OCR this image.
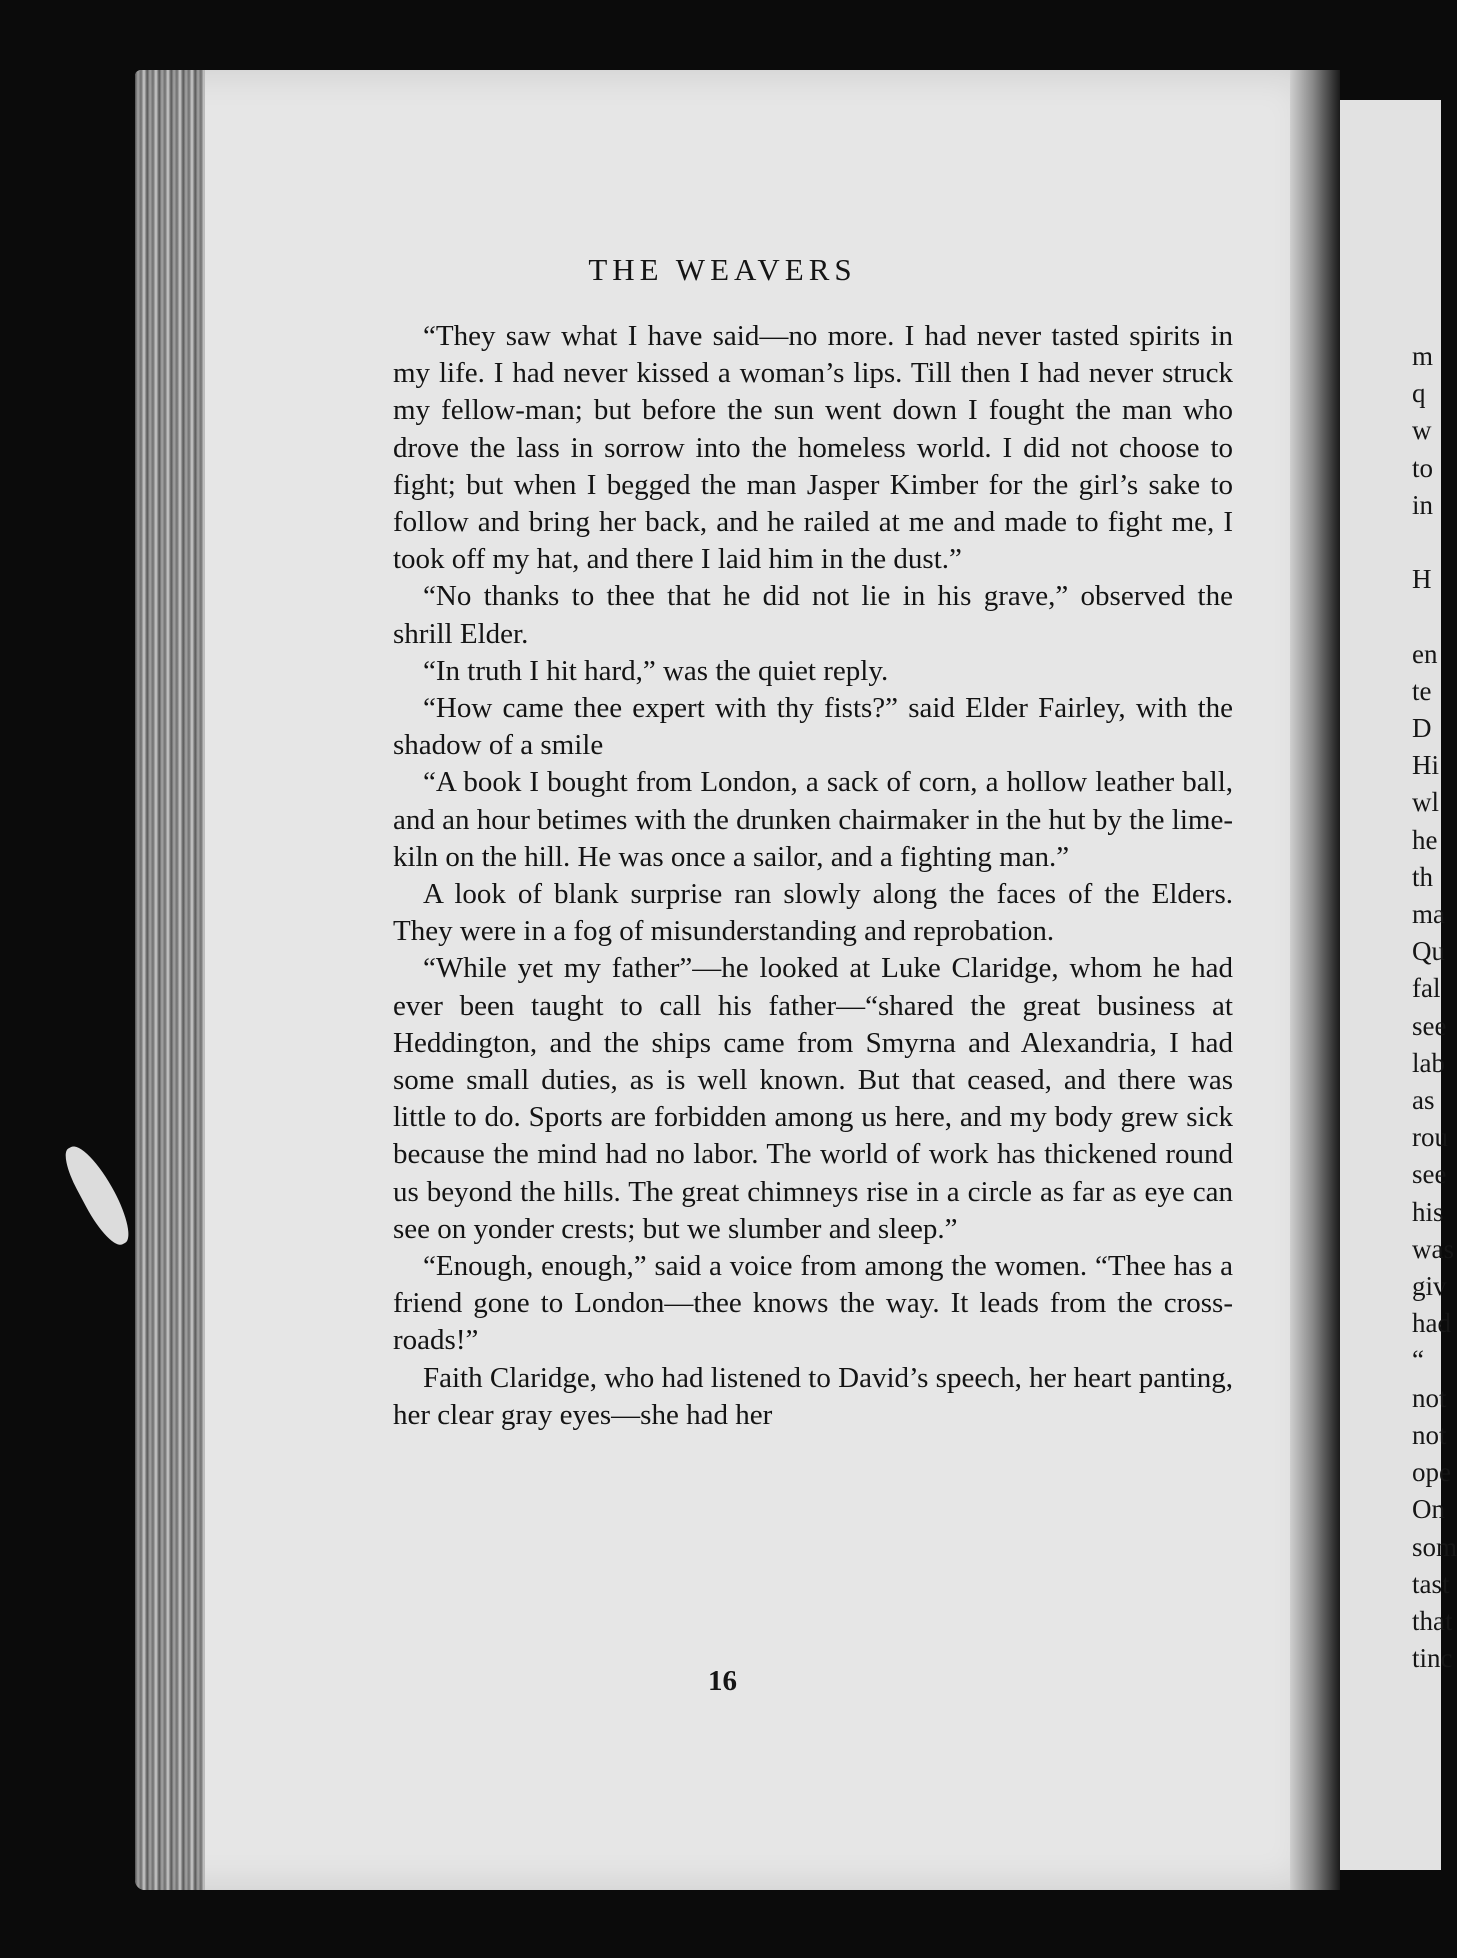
m
q
w
to
in

H

en
te
D
Hi
wl
he
th
ma
Qu
fal
see
lab
as
rou
see
his
was
giv
had
“
not
not
ope
On
som
tast
that
tinc
THE WEAVERS

“They saw what I have said—no more. I had never tasted spirits in my life. I had never kissed a woman’s lips. Till then I had never struck my fellow-man; but before the sun went down I fought the man who drove the lass in sorrow into the homeless world. I did not choose to fight; but when I begged the man Jasper Kimber for the girl’s sake to follow and bring her back, and he railed at me and made to fight me, I took off my hat, and there I laid him in the dust.”

“No thanks to thee that he did not lie in his grave,” observed the shrill Elder.

“In truth I hit hard,” was the quiet reply.

“How came thee expert with thy fists?” said Elder Fairley, with the shadow of a smile

“A book I bought from London, a sack of corn, a hollow leather ball, and an hour betimes with the drunken chairmaker in the hut by the lime-kiln on the hill. He was once a sailor, and a fighting man.”

A look of blank surprise ran slowly along the faces of the Elders. They were in a fog of misunderstanding and reprobation.

“While yet my father”—he looked at Luke Claridge, whom he had ever been taught to call his father—“shared the great business at Heddington, and the ships came from Smyrna and Alexandria, I had some small duties, as is well known. But that ceased, and there was little to do. Sports are forbidden among us here, and my body grew sick because the mind had no labor. The world of work has thickened round us beyond the hills. The great chimneys rise in a circle as far as eye can see on yonder crests; but we slumber and sleep.”

“Enough, enough,” said a voice from among the women. “Thee has a friend gone to London—thee knows the way. It leads from the cross-roads!”

Faith Claridge, who had listened to David’s speech, her heart panting, her clear gray eyes—she had her

16
